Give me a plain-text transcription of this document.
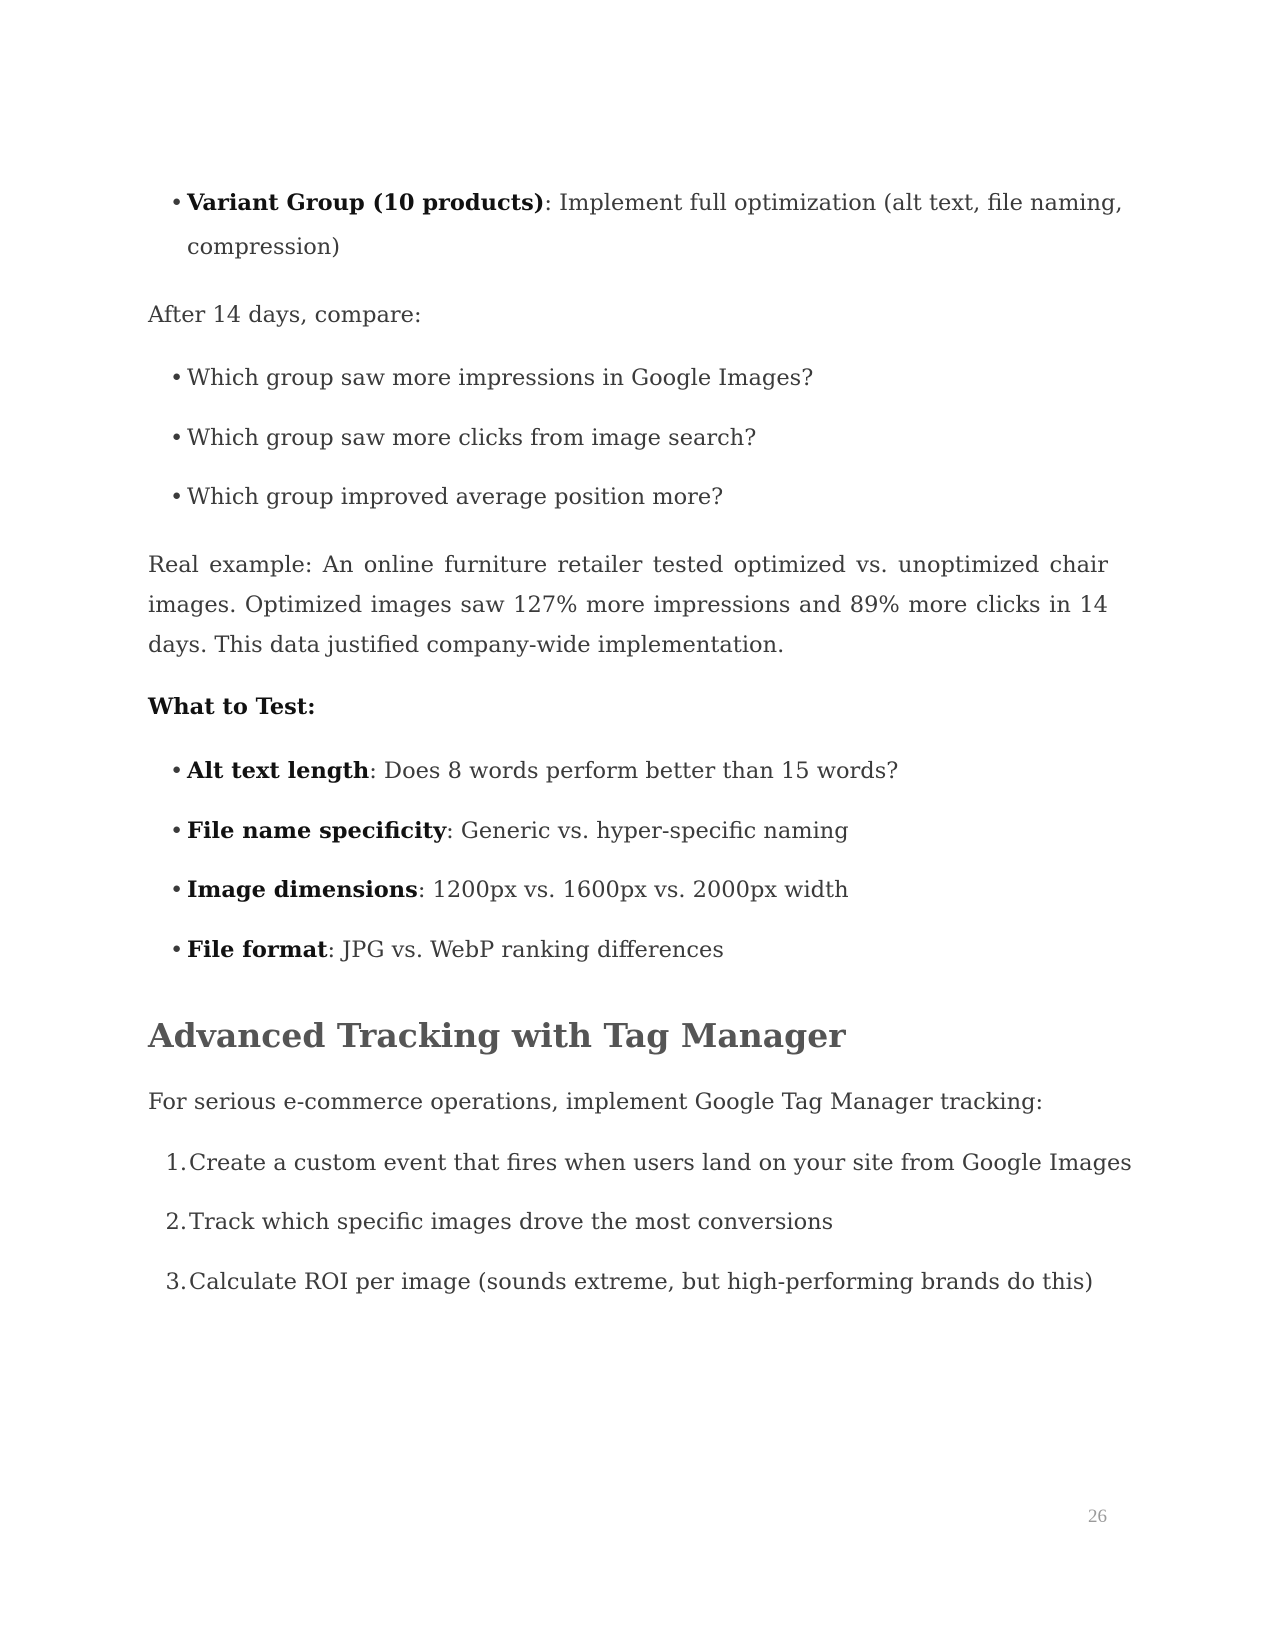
• Variant Group (10 products): Implement full optimization (alt text, file naming,
compression)
After 14 days, compare:
• Which group saw more impressions in Google Images?
• Which group saw more clicks from image search?
• Which group improved average position more?
Real example: An online furniture retailer tested optimized vs. unoptimized chair images. Optimized images saw 127% more impressions and 89% more clicks in 14 days. This data justified company-wide implementation.
What to Test:
• Alt text length: Does 8 words perform better than 15 words?
• File name specificity: Generic vs. hyper-specific naming
• Image dimensions: 1200px vs. 1600px vs. 2000px width
• File format: JPG vs. WebP ranking differences
Advanced Tracking with Tag Manager
For serious e-commerce operations, implement Google Tag Manager tracking:
1.Create a custom event that fires when users land on your site from Google Images
2.Track which specific images drove the most conversions
3.Calculate ROI per image (sounds extreme, but high-performing brands do this)
26
